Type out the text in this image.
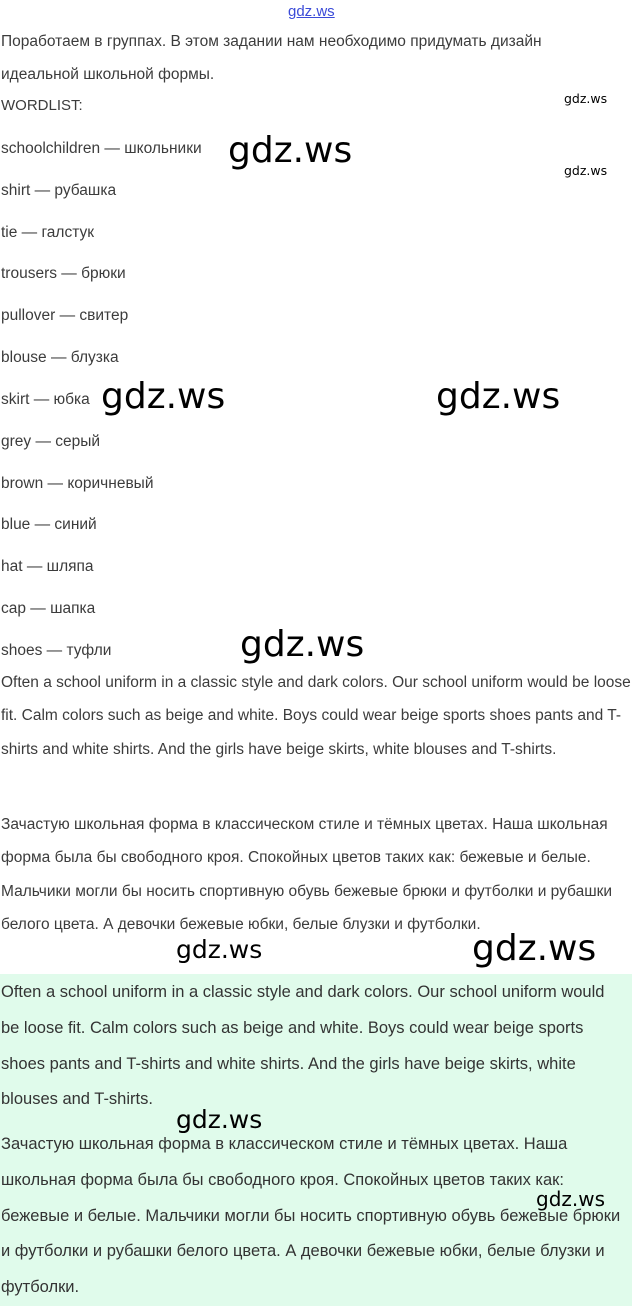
gdz.ws
Поработаем в группах. В этом задании нам необходимо придумать дизайн
идеальной школьной формы.
WORDLIST:
schoolchildren — школьники
shirt — рубашка
tie — галстук
trousers — брюки
pullover — свитер
blouse — блузка
skirt — юбка
grey — серый
brown — коричневый
blue — синий
hat — шляпа
cap — шапка
shoes — туфли
Often a school uniform in a classic style and dark colors. Our school uniform would be loose fit. Calm colors such as beige and white. Boys could wear beige sports shoes pants and T-shirts and white shirts. And the girls have beige skirts, white blouses and T-shirts.
Зачастую школьная форма в классическом стиле и тёмных цветах. Наша школьная форма была бы свободного кроя. Спокойных цветов таких как: бежевые и белые. Мальчики могли бы носить спортивную обувь бежевые брюки и футболки и рубашки белого цвета. А девочки бежевые юбки, белые блузки и футболки.
Often a school uniform in a classic style and dark colors. Our school uniform would be loose fit. Calm colors such as beige and white. Boys could wear beige sports shoes pants and T-shirts and white shirts. And the girls have beige skirts, white blouses and T-shirts.
Зачастую школьная форма в классическом стиле и тёмных цветах. Наша школьная форма была бы свободного кроя. Спокойных цветов таких как: бежевые и белые. Мальчики могли бы носить спортивную обувь бежевые брюки и футболки и рубашки белого цвета. А девочки бежевые юбки, белые блузки и футболки.
gdz.ws
gdz.ws
gdz.ws
gdz.ws	gdz.ws
gdz.ws
gdz.ws	gdz.ws
gdz.ws
gdz.ws
